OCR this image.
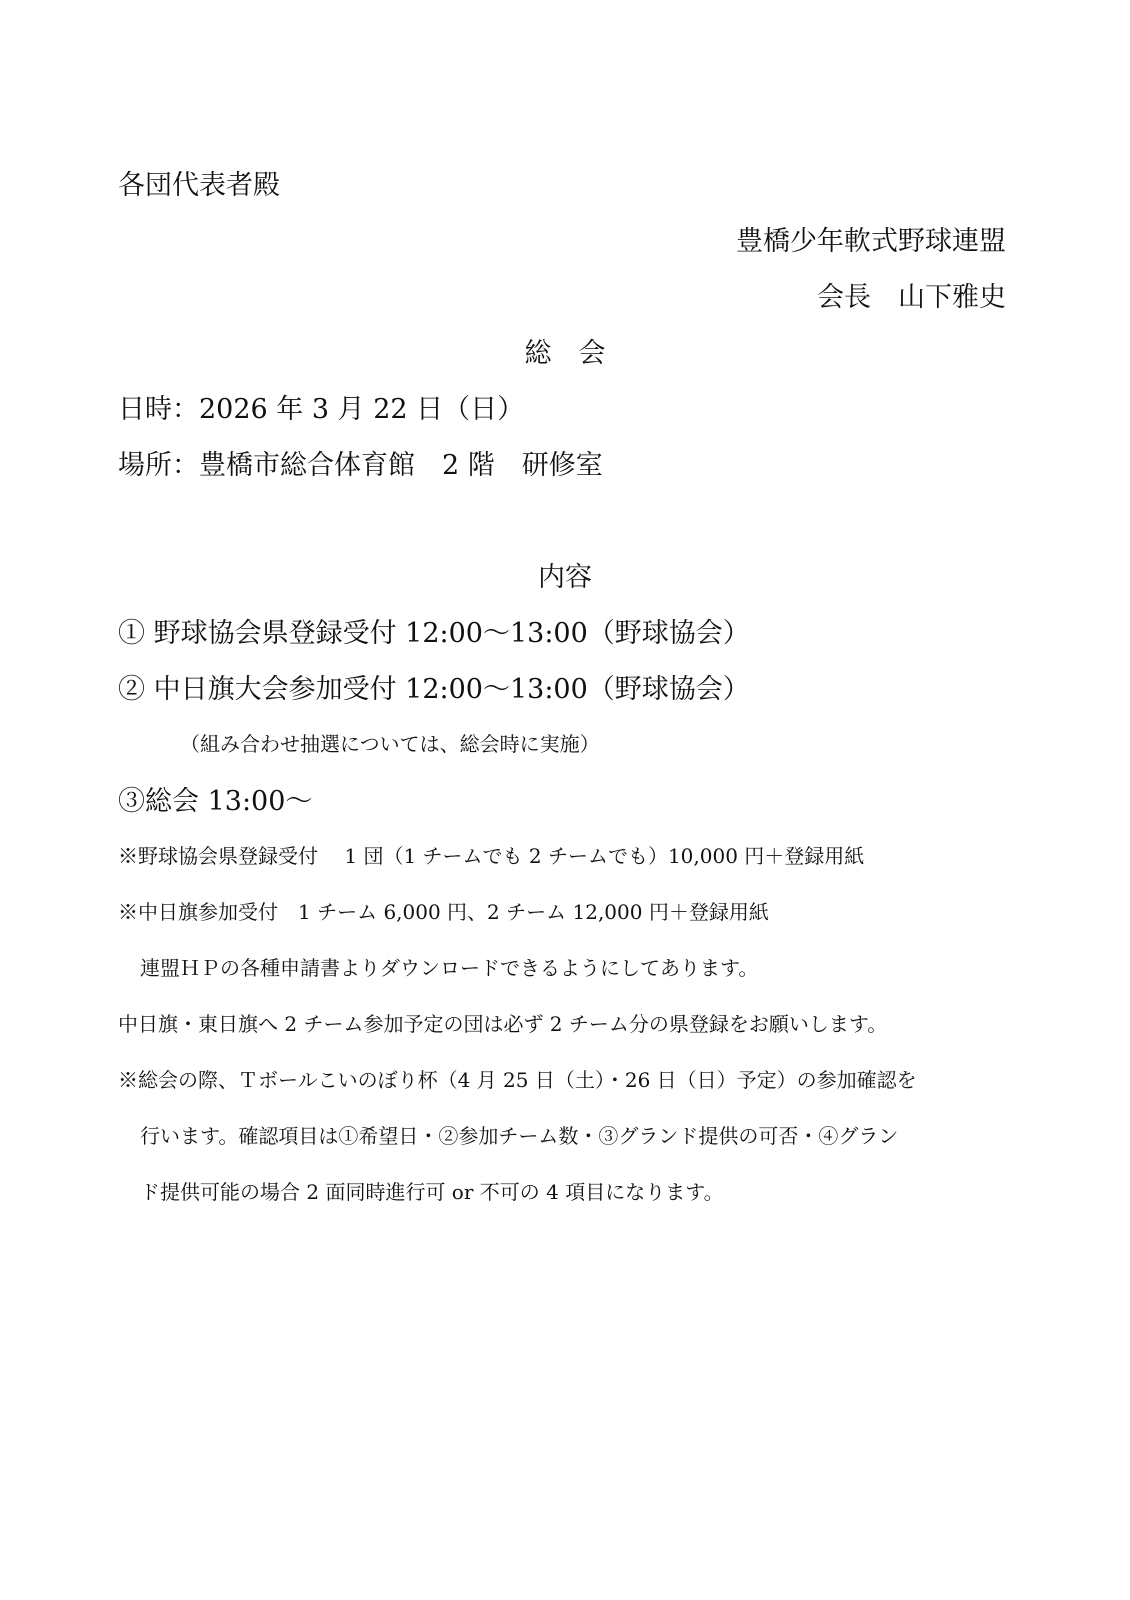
各団代表者殿
豊橋少年軟式野球連盟
会長　山下雅史
総　会
日時：2026 年 3 月 22 日（日）
場所：豊橋市総合体育館　2 階　研修室
内容
① 野球協会県登録受付 12:00～13:00（野球協会）
② 中日旗大会参加受付 12:00～13:00（野球協会）
（組み合わせ抽選については、総会時に実施）
③総会 13:00～
※野球協会県登録受付　 1 団（1 チームでも 2 チームでも）10,000 円＋登録用紙
※中日旗参加受付　1 チーム 6,000 円、2 チーム 12,000 円＋登録用紙
連盟ＨＰの各種申請書よりダウンロードできるようにしてあります。
中日旗・東日旗へ 2 チーム参加予定の団は必ず 2 チーム分の県登録をお願いします。
※総会の際、Ｔボールこいのぼり杯（4 月 25 日（土）・26 日（日）予定）の参加確認を
行います。確認項目は①希望日・②参加チーム数・③グランド提供の可否・④グラン
ド提供可能の場合 2 面同時進行可 or 不可の 4 項目になります。
